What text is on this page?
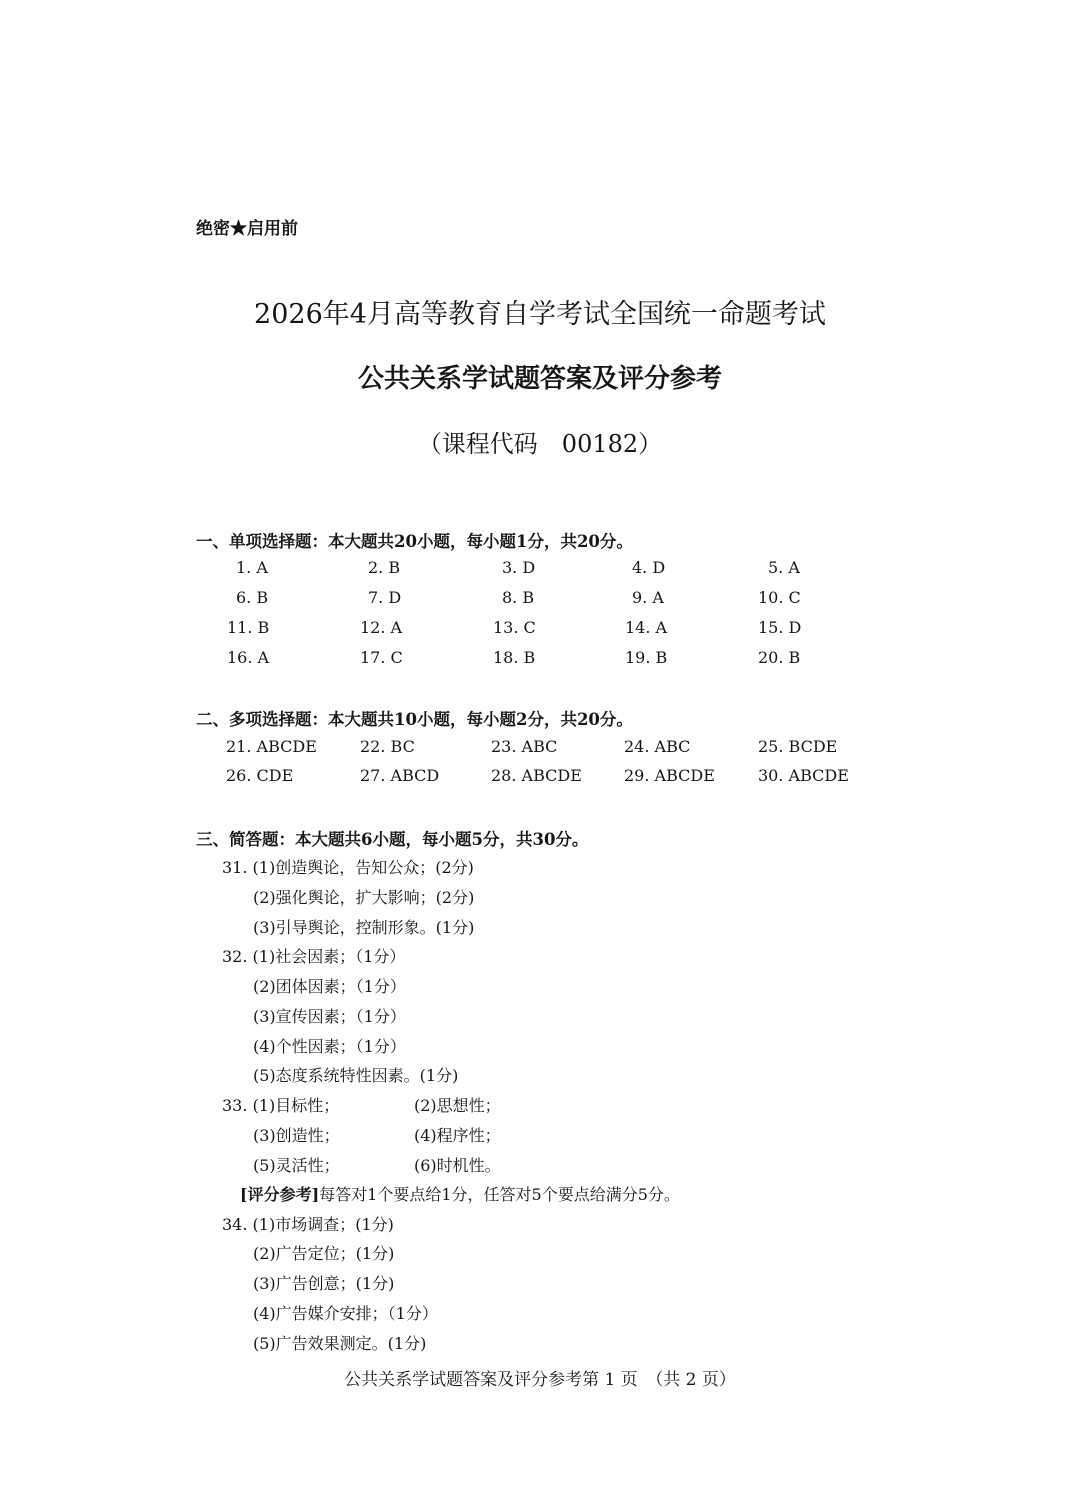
绝密★启用前
2026年4月高等教育自学考试全国统一命题考试
公共关系学试题答案及评分参考
（课程代码　00182）
一、单项选择题：本大题共20小题，每小题1分，共20分。
1. A	2. B	3. D	4. D	5. A
6. B	7. D	8. B	9. A	10. C
11. B	12. A	13. C	14. A	15. D
16. A	17. C	18. B	19. B	20. B
二、多项选择题：本大题共10小题，每小题2分，共20分。
21. ABCDE	22. BC	23. ABC	24. ABC	25. BCDE
26. CDE	27. ABCD	28. ABCDE	29. ABCDE	30. ABCDE
三、简答题：本大题共6小题，每小题5分，共30分。
31. (1)创造舆论，告知公众；(2分)
(2)强化舆论，扩大影响；(2分)
(3)引导舆论，控制形象。(1分)
32. (1)社会因素；（1分）
(2)团体因素；（1分）
(3)宣传因素；（1分）
(4)个性因素；（1分）
(5)态度系统特性因素。(1分)
33. (1)目标性；	(2)思想性；
(3)创造性；	(4)程序性；
(5)灵活性；	(6)时机性。
[评分参考]每答对1个要点给1分，任答对5个要点给满分5分。
34. (1)市场调查；(1分)
(2)广告定位；(1分)
(3)广告创意；(1分)
(4)广告媒介安排；（1分）
(5)广告效果测定。(1分)
公共关系学试题答案及评分参考第 1 页　（共 2 页）
